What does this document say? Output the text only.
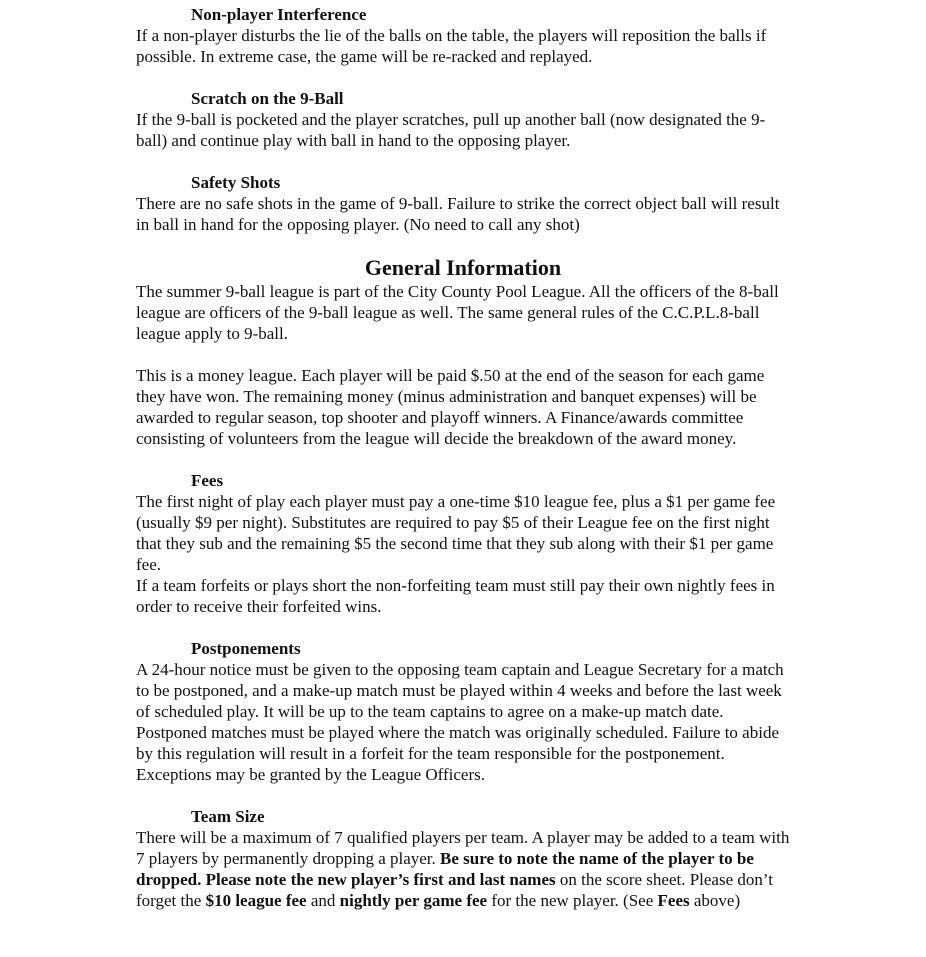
Non-player Interference

If a non-player disturbs the lie of the balls on the table, the players will reposition the balls if possible. In extreme case, the game will be re-racked and replayed.

Scratch on the 9-Ball

If the 9-ball is pocketed and the player scratches, pull up another ball (now designated the 9-ball) and continue play with ball in hand to the opposing player.

Safety Shots

There are no safe shots in the game of 9-ball. Failure to strike the correct object ball will result in ball in hand for the opposing player. (No need to call any shot)

General Information

The summer 9-ball league is part of the City County Pool League. All the officers of the 8-ball league are officers of the 9-ball league as well. The same general rules of the C.C.P.L.8-ball league apply to 9-ball.

This is a money league. Each player will be paid $.50 at the end of the season for each game they have won. The remaining money (minus administration and banquet expenses) will be awarded to regular season, top shooter and playoff winners. A Finance/awards committee consisting of volunteers from the league will decide the breakdown of the award money.

Fees

The first night of play each player must pay a one-time $10 league fee, plus a $1 per game fee (usually $9 per night). Substitutes are required to pay $5 of their League fee on the first night that they sub and the remaining $5 the second time that they sub along with their $1 per game fee.

If a team forfeits or plays short the non-forfeiting team must still pay their own nightly fees in order to receive their forfeited wins.

Postponements

A 24-hour notice must be given to the opposing team captain and League Secretary for a match to be postponed, and a make-up match must be played within 4 weeks and before the last week of scheduled play. It will be up to the team captains to agree on a make-up match date. Postponed matches must be played where the match was originally scheduled. Failure to abide by this regulation will result in a forfeit for the team responsible for the postponement. Exceptions may be granted by the League Officers.

Team Size

There will be a maximum of 7 qualified players per team. A player may be added to a team with 7 players by permanently dropping a player. Be sure to note the name of the player to be dropped. Please note the new player’s first and last names on the score sheet. Please don’t forget the $10 league fee and nightly per game fee for the new player. (See Fees above)
